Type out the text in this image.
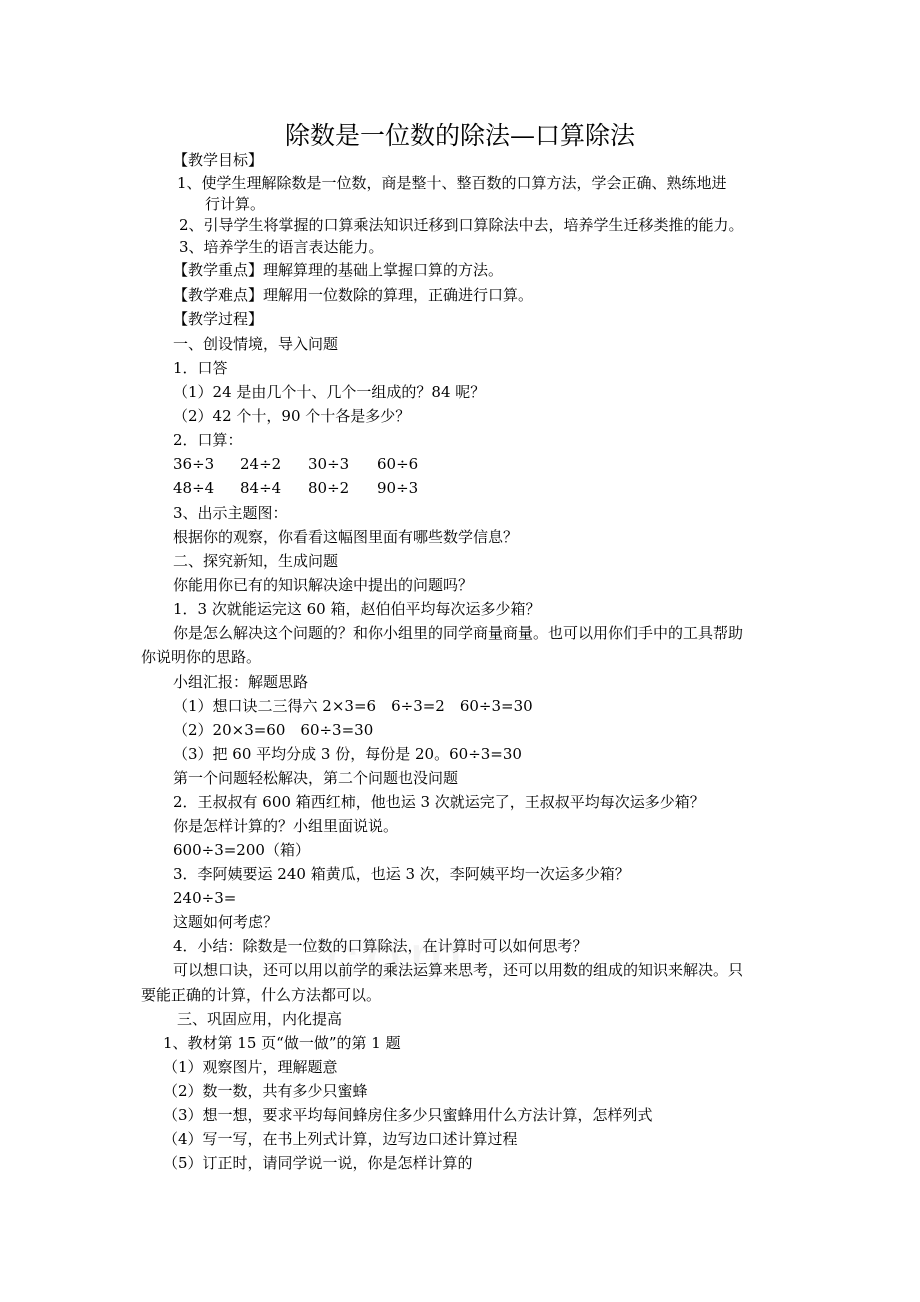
除数是一位数的除法—口算除法
【教学目标】
1、使学生理解除数是一位数，商是整十、整百数的口算方法，学会正确、熟练地进
行计算。
2、引导学生将掌握的口算乘法知识迁移到口算除法中去，培养学生迁移类推的能力。
3、培养学生的语言表达能力。
【教学重点】理解算理的基础上掌握口算的方法。
【教学难点】理解用一位数除的算理，正确进行口算。
【教学过程】
一、创设情境，导入问题
1．口答
（1）24 是由几个十、几个一组成的？84 呢？
（2）42 个十，90 个十各是多少？
2．口算：
3、出示主题图：
根据你的观察，你看看这幅图里面有哪些数学信息？
二、探究新知，生成问题
你能用你已有的知识解决途中提出的问题吗？
1．3 次就能运完这 60 箱，赵伯伯平均每次运多少箱？
你是怎么解决这个问题的？和你小组里的同学商量商量。也可以用你们手中的工具帮助
你说明你的思路。
小组汇报：解题思路
（1）想口诀二三得六 2×3=6　6÷3=2　60÷3=30
（2）20×3=60　60÷3=30
（3）把 60 平均分成 3 份，每份是 20。60÷3=30
第一个问题轻松解决，第二个问题也没问题
2．王叔叔有 600 箱西红柿，他也运 3 次就运完了，王叔叔平均每次运多少箱？
你是怎样计算的？小组里面说说。
600÷3=200（箱）
3．李阿姨要运 240 箱黄瓜，也运 3 次，李阿姨平均一次运多少箱？
240÷3=
这题如何考虑？
4．小结：除数是一位数的口算除法，在计算时可以如何思考？
可以想口诀，还可以用以前学的乘法运算来思考，还可以用数的组成的知识来解决。只
要能正确的计算，什么方法都可以。
三、巩固应用，内化提高
1、教材第 15 页“做一做”的第 1 题
（1）观察图片，理解题意
（2）数一数，共有多少只蜜蜂
（3）想一想，要求平均每间蜂房住多少只蜜蜂用什么方法计算，怎样列式
（4）写一写，在书上列式计算，边写边口述计算过程
（5）订正时，请同学说一说，你是怎样计算的
36÷3 24÷2 30÷3 60÷6
48÷4 84÷4 80÷2 90÷3
